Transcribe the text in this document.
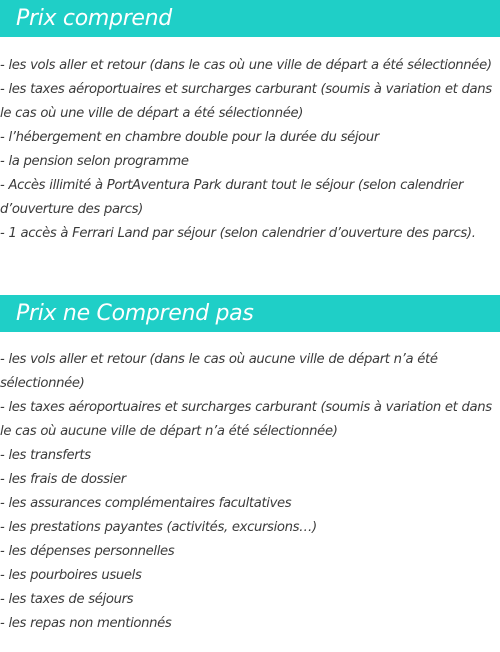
Prix comprend
- les vols aller et retour (dans le cas où une ville de départ a été sélectionnée)
- les taxes aéroportuaires et surcharges carburant (soumis à variation et dans le cas où une ville de départ a été sélectionnée)
- l’hébergement en chambre double pour la durée du séjour
- la pension selon programme
- Accès illimité à PortAventura Park durant tout le séjour (selon calendrier d’ouverture des parcs)
- 1 accès à Ferrari Land par séjour (selon calendrier d’ouverture des parcs).
Prix ne Comprend pas
- les vols aller et retour (dans le cas où aucune ville de départ n’a été sélectionnée)
- les taxes aéroportuaires et surcharges carburant (soumis à variation et dans le cas où aucune ville de départ n’a été sélectionnée)
- les transferts
- les frais de dossier
- les assurances complémentaires facultatives
- les prestations payantes (activités, excursions…)
- les dépenses personnelles
- les pourboires usuels
- les taxes de séjours
- les repas non mentionnés
